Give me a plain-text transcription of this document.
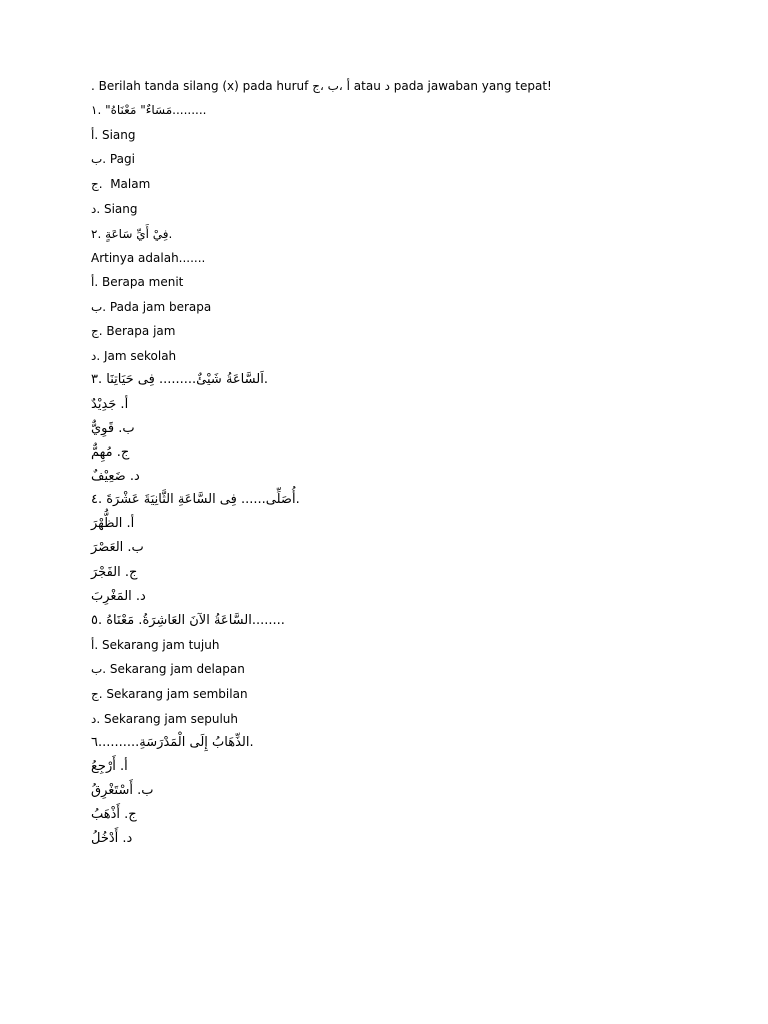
. Berilah tanda silang (x) pada huruf أ ،ب ،ج atau د pada jawaban yang tepat!
مَسَاءٌ" مَعْنَاهُ" .١.........
أ. Siang
ب. Pagi
ج.  Malam
د. Siang
فِيْ أَيِّ سَاعَةٍ .٢.
Artinya adalah.......
أ. Berapa menit
ب. Pada jam berapa
ج. Berapa jam
د. Jam sekolah
اَلسَّاعَةُ شَيْئٌ......... فِى حَيَاتِنَا .٣.
أ. جَدِيْدٌ
ب. قَوِيٌّ
ج. مُهِمٌّ
د. ضَعِيْفٌ
أُصَلِّى...... فِى السَّاعَةِ الثَّانِيَةَ عَشْرَةَ .٤.
أ. الظُّهْرَ
ب. العَصْرَ
ج. الفَجْرَ
د. المَغْرِبَ
السَّاعَةُ الآنَ العَاشِرَةُ. مَعْنَاهُ .٥........
أ. Sekarang jam tujuh
ب. Sekarang jam delapan
ج. Sekarang jam sembilan
د. Sekarang jam sepuluh
الذِّهَابُ إِلَى الْمَدْرَسَةِ..........٦.
أ. أَرْجِعُ
ب. أَسْتَغْرِقُ
ج. أَذْهَبُ
د. أَدْخُلُ
